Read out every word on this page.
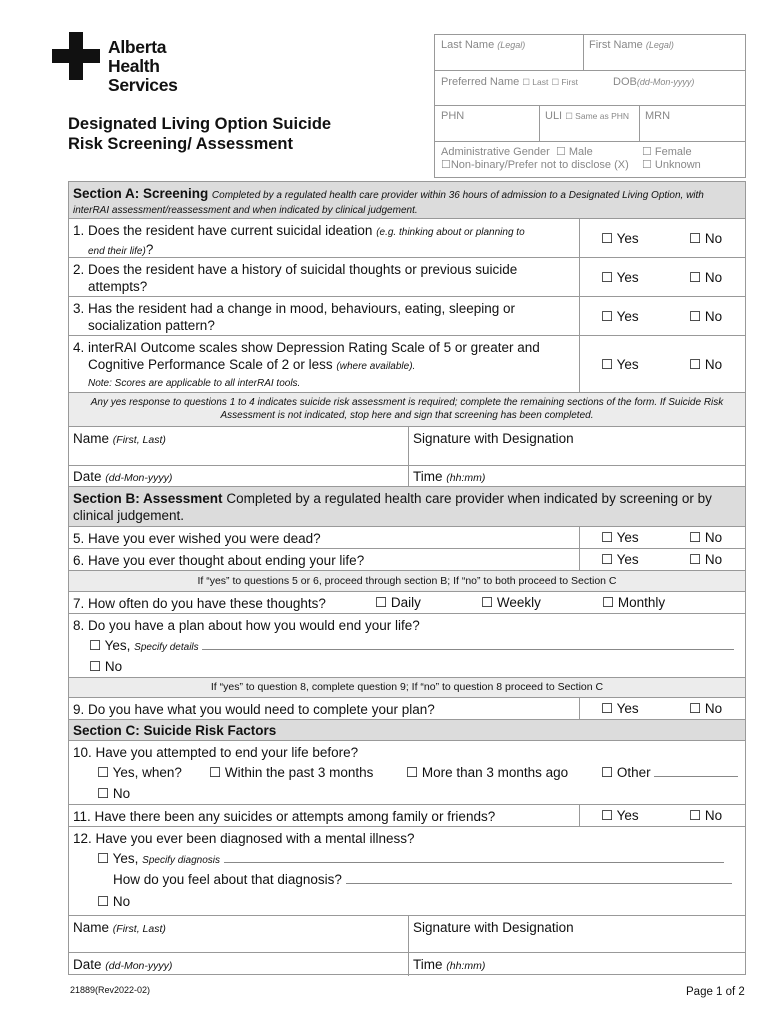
Alberta Health
Services
Designated Living Option Suicide
Risk Screening/ Assessment
Last Name (Legal)	First Name (Legal)
Preferred Name ☐ Last ☐ First	DOB(dd-Mon-yyyy)
PHN	ULI ☐ Same as PHN	MRN
Administrative Gender ☐ Male	☐ Female
☐Non-binary/Prefer not to disclose (X) ☐ Unknown
Section A: Screening Completed by a regulated health care provider within 36 hours of admission to a Designated Living Option, with interRAI assessment/reassessment and when indicated by clinical judgement.
1. Does the resident have current suicidal ideation (e.g. thinking about or planning to
end their life)?
☐ Yes	☐ No
2. Does the resident have a history of suicidal thoughts or previous suicide
attempts?
☐ Yes	☐ No
3. Has the resident had a change in mood, behaviours, eating, sleeping or
socialization pattern?
☐ Yes	☐ No
4. interRAI Outcome scales show Depression Rating Scale of 5 or greater and
Cognitive Performance Scale of 2 or less (where available).
Note: Scores are applicable to all interRAI tools.
☐ Yes	☐ No
Any yes response to questions 1 to 4 indicates suicide risk assessment is required; complete the remaining sections of the form. If Suicide Risk Assessment is not indicated, stop here and sign that screening has been completed.
Name (First, Last)	Signature with Designation
Date (dd-Mon-yyyy)	Time (hh:mm)
Section B: Assessment Completed by a regulated health care provider when indicated by screening or by clinical judgement.
5. Have you ever wished you were dead?	☐ Yes	☐ No
6. Have you ever thought about ending your life?	☐ Yes	☐ No
If “yes” to questions 5 or 6, proceed through section B; If “no” to both proceed to Section C
7. How often do you have these thoughts?	☐ Daily	☐ Weekly	☐ Monthly
8. Do you have a plan about how you would end your life?
☐ Yes, Specify details
☐ No
If “yes” to question 8, complete question 9; If “no” to question 8 proceed to Section C
9. Do you have what you would need to complete your plan?	☐ Yes	☐ No
Section C: Suicide Risk Factors
10. Have you attempted to end your life before?
☐ Yes, when? ☐ Within the past 3 months ☐ More than 3 months ago ☐ Other
☐ No
11. Have there been any suicides or attempts among family or friends?	☐ Yes	☐ No
12. Have you ever been diagnosed with a mental illness?
☐ Yes, Specify diagnosis
How do you feel about that diagnosis?
☐ No
Name (First, Last)	Signature with Designation
Date (dd-Mon-yyyy)	Time (hh:mm)
21889(Rev2022-02)	Page 1 of 2
